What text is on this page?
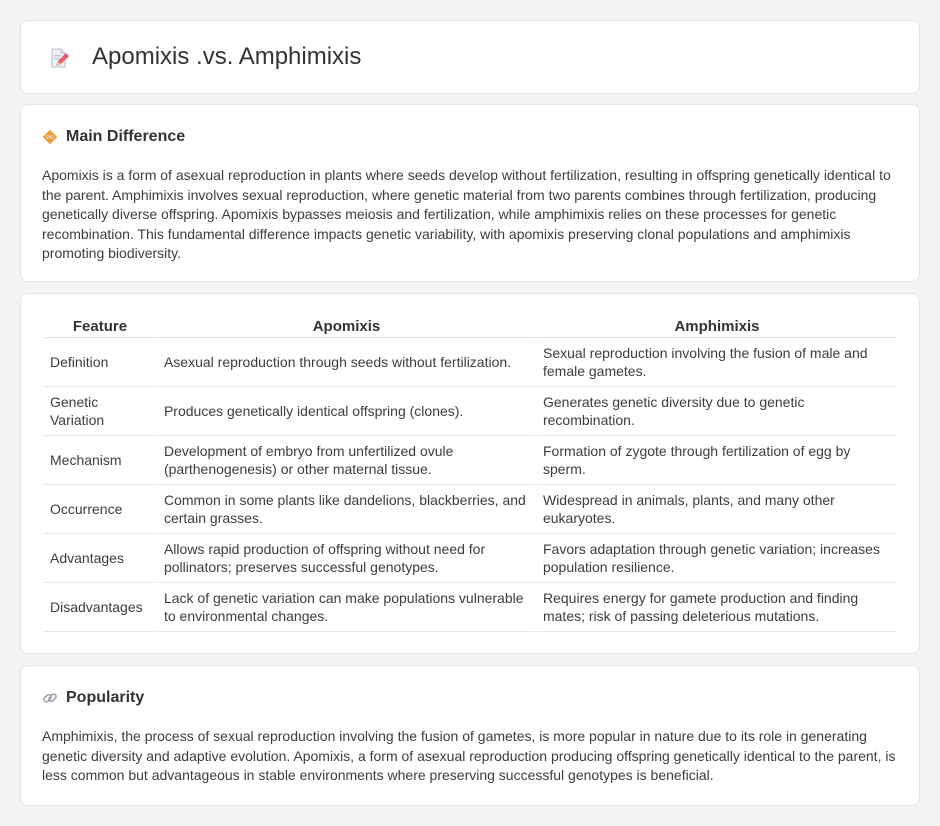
Apomixis .vs. Amphimixis
Main Difference

Apomixis is a form of asexual reproduction in plants where seeds develop without fertilization, resulting in offspring genetically identical to the parent. Amphimixis involves sexual reproduction, where genetic material from two parents combines through fertilization, producing genetically diverse offspring. Apomixis bypasses meiosis and fertilization, while amphimixis relies on these processes for genetic recombination. This fundamental difference impacts genetic variability, with apomixis preserving clonal populations and amphimixis promoting biodiversity.

Feature	Apomixis	Amphimixis
Definition	Asexual reproduction through seeds without fertilization.	Sexual reproduction involving the fusion of male and female gametes.
Genetic Variation	Produces genetically identical offspring (clones).	Generates genetic diversity due to genetic recombination.
Mechanism	Development of embryo from unfertilized ovule (parthenogenesis) or other maternal tissue.	Formation of zygote through fertilization of egg by sperm.
Occurrence	Common in some plants like dandelions, blackberries, and certain grasses.	Widespread in animals, plants, and many other eukaryotes.
Advantages	Allows rapid production of offspring without need for pollinators; preserves successful genotypes.	Favors adaptation through genetic variation; increases population resilience.
Disadvantages	Lack of genetic variation can make populations vulnerable to environmental changes.	Requires energy for gamete production and finding mates; risk of passing deleterious mutations.
Popularity

Amphimixis, the process of sexual reproduction involving the fusion of gametes, is more popular in nature due to its role in generating genetic diversity and adaptive evolution. Apomixis, a form of asexual reproduction producing offspring genetically identical to the parent, is less common but advantageous in stable environments where preserving successful genotypes is beneficial.
